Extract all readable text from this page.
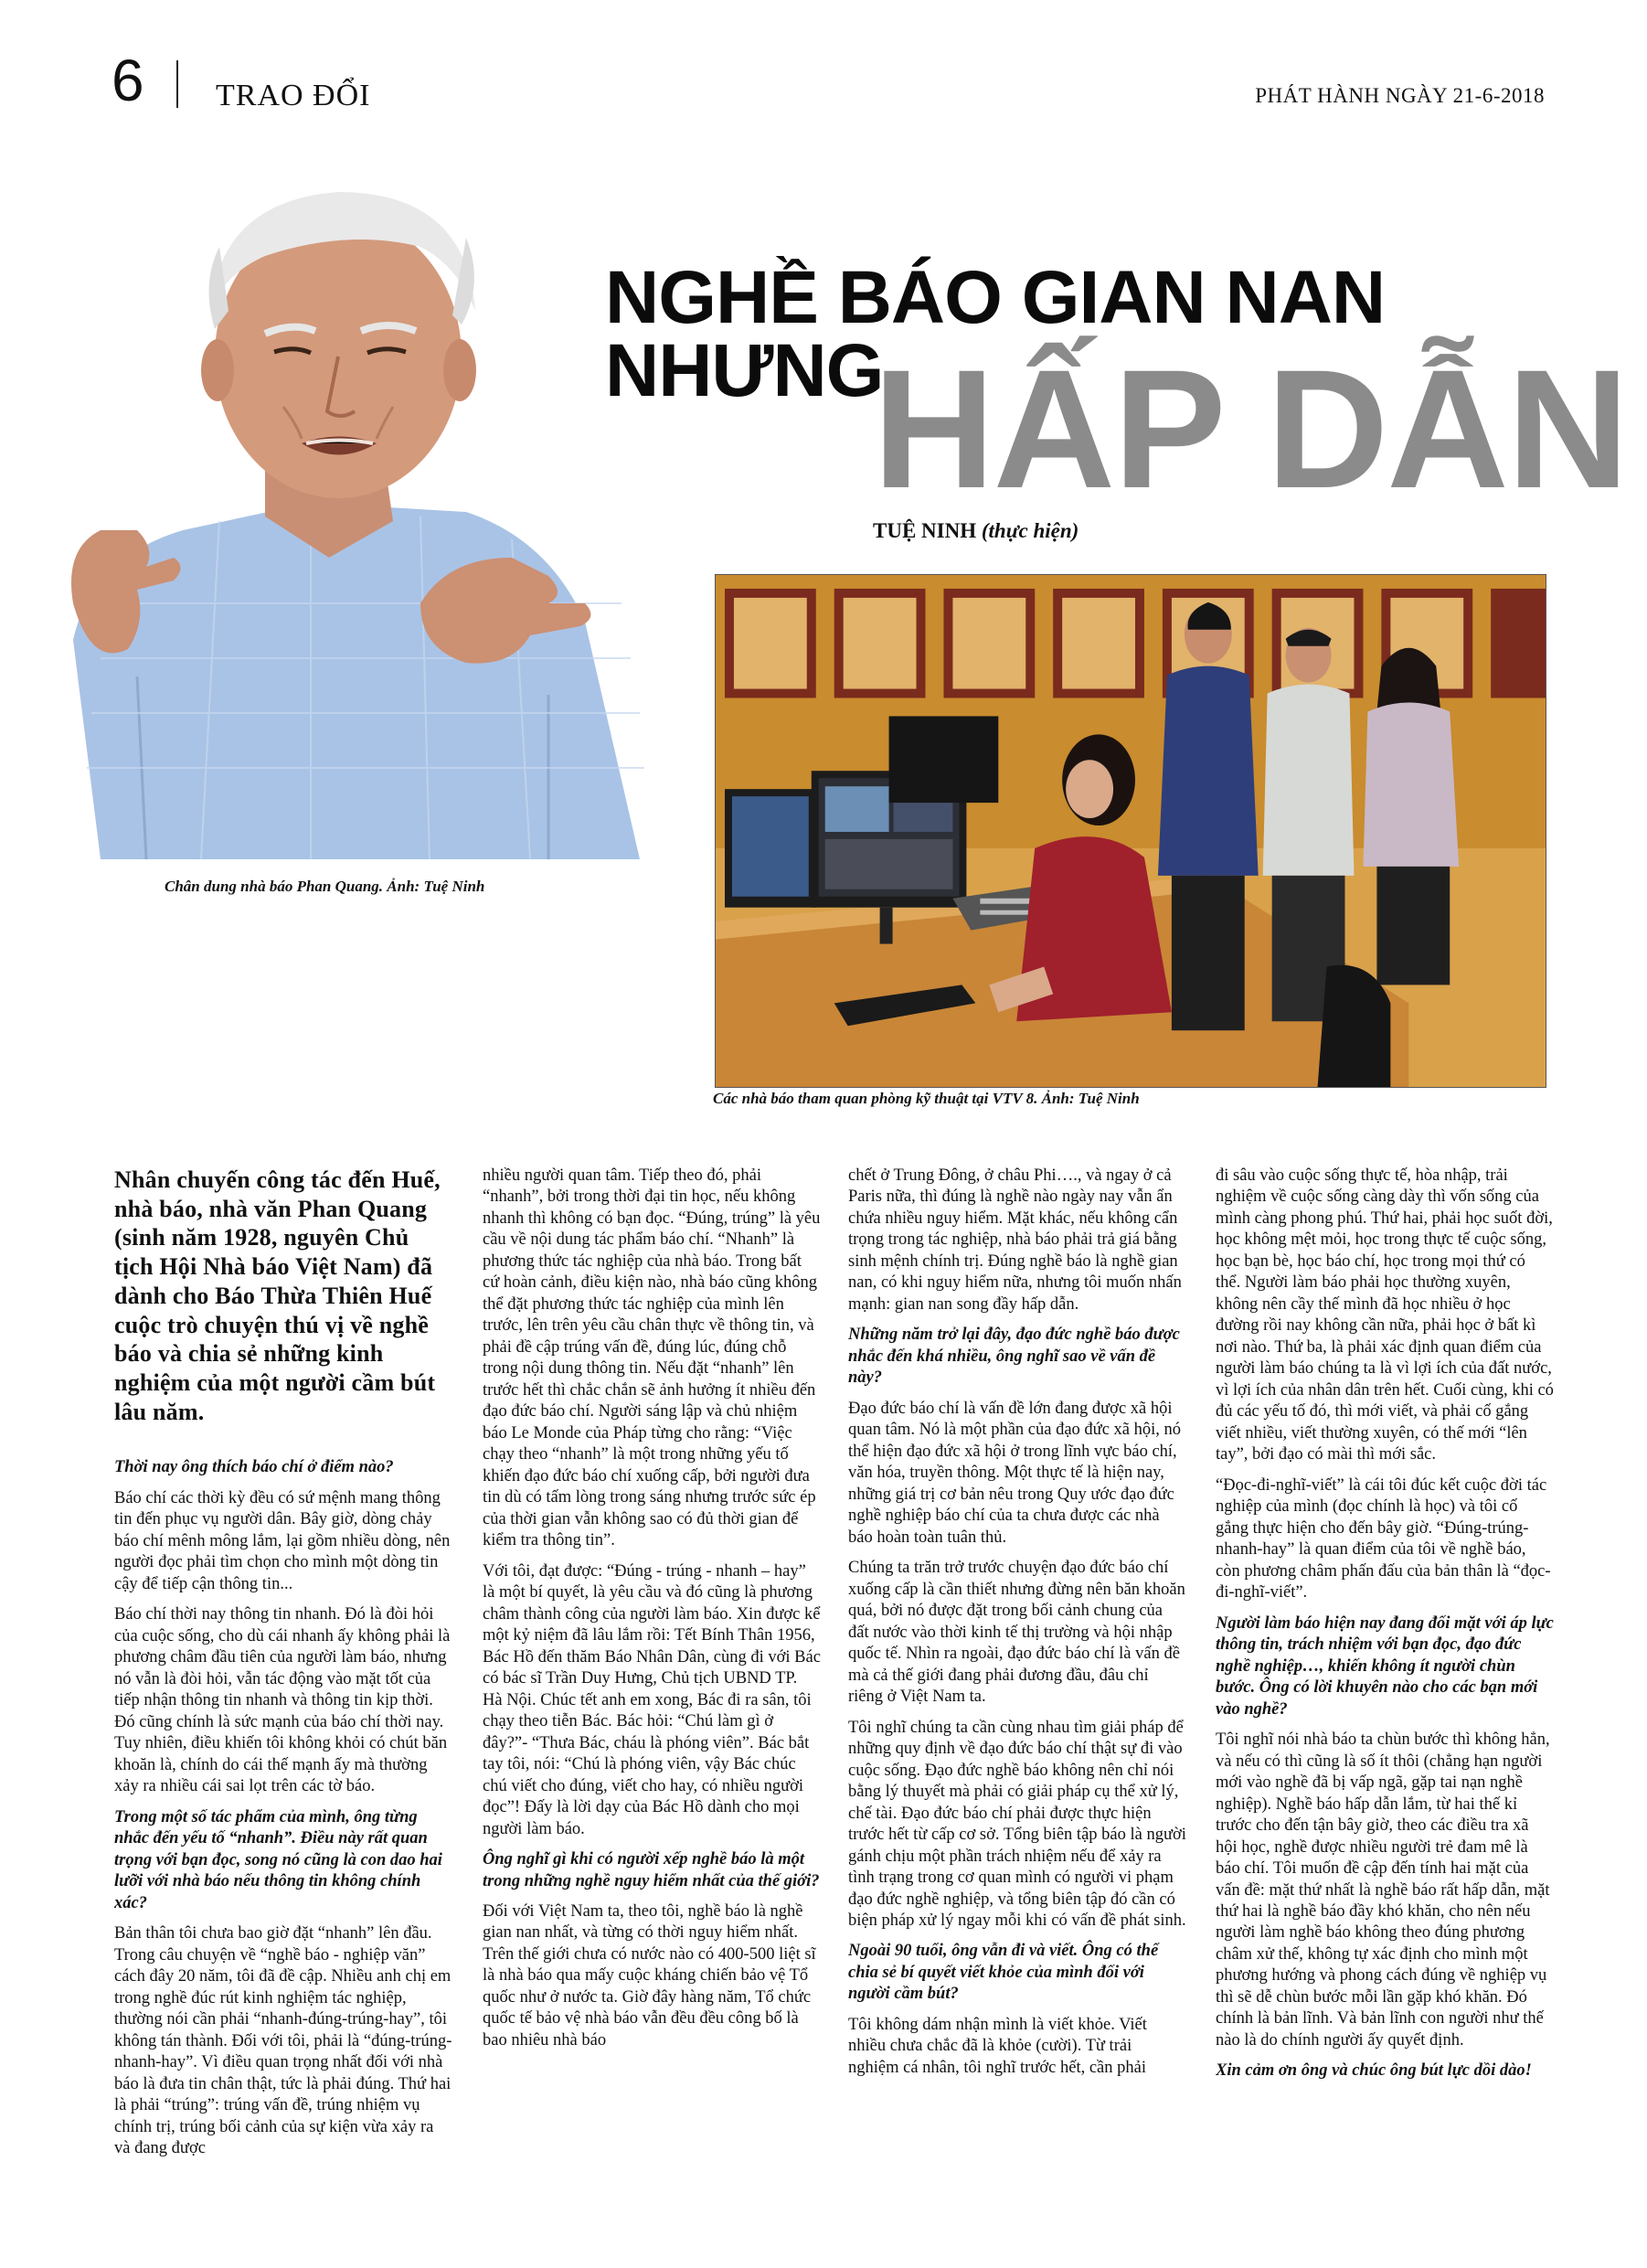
6 TRAO ĐỔI	PHÁT HÀNH NGÀY 21-6-2018
Chân dung nhà báo Phan Quang. Ảnh: Tuệ Ninh
NGHỀ BÁO GIAN NAN
NHƯNG
HẤP DẪN
TUỆ NINH (thực hiện)
Các nhà báo tham quan phòng kỹ thuật tại VTV 8. Ảnh: Tuệ Ninh

Nhân chuyến công tác đến Huế, nhà báo, nhà văn Phan Quang (sinh năm 1928, nguyên Chủ tịch Hội Nhà báo Việt Nam) đã dành cho Báo Thừa Thiên Huế cuộc trò chuyện thú vị về nghề báo và chia sẻ những kinh nghiệm của một người cầm bút lâu năm.

Thời nay ông thích báo chí ở điểm nào?

Báo chí các thời kỳ đều có sứ mệnh mang thông tin đến phục vụ người dân. Bây giờ, dòng chảy báo chí mênh mông lắm, lại gồm nhiều dòng, nên người đọc phải tìm chọn cho mình một dòng tin cậy để tiếp cận thông tin...

Báo chí thời nay thông tin nhanh. Đó là đòi hỏi của cuộc sống, cho dù cái nhanh ấy không phải là phương châm đầu tiên của người làm báo, nhưng nó vẫn là đòi hỏi, vẫn tác động vào mặt tốt của tiếp nhận thông tin nhanh và thông tin kịp thời. Đó cũng chính là sức mạnh của báo chí thời nay. Tuy nhiên, điều khiến tôi không khỏi có chút băn khoăn là, chính do cái thế mạnh ấy mà thường xảy ra nhiều cái sai lọt trên các tờ báo.

Trong một số tác phẩm của mình, ông từng nhắc đến yếu tố “nhanh”. Điều này rất quan trọng với bạn đọc, song nó cũng là con dao hai lưỡi với nhà báo nếu thông tin không chính xác?

Bản thân tôi chưa bao giờ đặt “nhanh” lên đầu. Trong câu chuyện về “nghề báo - nghiệp văn” cách đây 20 năm, tôi đã đề cập. Nhiều anh chị em trong nghề đúc rút kinh nghiệm tác nghiệp, thường nói cần phải “nhanh-đúng-trúng-hay”, tôi không tán thành. Đối với tôi, phải là “đúng-trúng-nhanh-hay”. Vì điều quan trọng nhất đối với nhà báo là đưa tin chân thật, tức là phải đúng. Thứ hai là phải “trúng”: trúng vấn đề, trúng nhiệm vụ chính trị, trúng bối cảnh của sự kiện vừa xảy ra và đang được

nhiều người quan tâm. Tiếp theo đó, phải “nhanh”, bởi trong thời đại tin học, nếu không nhanh thì không có bạn đọc. “Đúng, trúng” là yêu cầu về nội dung tác phẩm báo chí. “Nhanh” là phương thức tác nghiệp của nhà báo. Trong bất cứ hoàn cảnh, điều kiện nào, nhà báo cũng không thể đặt phương thức tác nghiệp của mình lên trước, lên trên yêu cầu chân thực về thông tin, và phải đề cập trúng vấn đề, đúng lúc, đúng chỗ trong nội dung thông tin. Nếu đặt “nhanh” lên trước hết thì chắc chắn sẽ ảnh hưởng ít nhiều đến đạo đức báo chí. Người sáng lập và chủ nhiệm báo Le Monde của Pháp từng cho rằng: “Việc chạy theo “nhanh” là một trong những yếu tố khiến đạo đức báo chí xuống cấp, bởi người đưa tin dù có tấm lòng trong sáng nhưng trước sức ép của thời gian vẫn không sao có đủ thời gian để kiểm tra thông tin”.

Với tôi, đạt được: “Đúng - trúng - nhanh – hay” là một bí quyết, là yêu cầu và đó cũng là phương châm thành công của người làm báo. Xin được kể một kỷ niệm đã lâu lắm rồi: Tết Bính Thân 1956, Bác Hồ đến thăm Báo Nhân Dân, cùng đi với Bác có bác sĩ Trần Duy Hưng, Chủ tịch UBND TP. Hà Nội. Chúc tết anh em xong, Bác đi ra sân, tôi chạy theo tiễn Bác. Bác hỏi: “Chú làm gì ở đây?”- “Thưa Bác, cháu là phóng viên”. Bác bắt tay tôi, nói: “Chú là phóng viên, vậy Bác chúc chú viết cho đúng, viết cho hay, có nhiều người đọc”! Đấy là lời dạy của Bác Hồ dành cho mọi người làm báo.

Ông nghĩ gì khi có người xếp nghề báo là một trong những nghề nguy hiểm nhất của thế giới?

Đối với Việt Nam ta, theo tôi, nghề báo là nghề gian nan nhất, và từng có thời nguy hiểm nhất. Trên thế giới chưa có nước nào có 400-500 liệt sĩ là nhà báo qua mấy cuộc kháng chiến bảo vệ Tổ quốc như ở nước ta. Giờ đây hàng năm, Tổ chức quốc tế bảo vệ nhà báo vẫn đều đều công bố là bao nhiêu nhà báo

chết ở Trung Đông, ở châu Phi…., và ngay ở cả Paris nữa, thì đúng là nghề nào ngày nay vẫn ẩn chứa nhiều nguy hiểm. Mặt khác, nếu không cẩn trọng trong tác nghiệp, nhà báo phải trả giá bằng sinh mệnh chính trị. Đúng nghề báo là nghề gian nan, có khi nguy hiểm nữa, nhưng tôi muốn nhấn mạnh: gian nan song đầy hấp dẫn.

Những năm trở lại đây, đạo đức nghề báo được nhắc đến khá nhiều, ông nghĩ sao về vấn đề này?

Đạo đức báo chí là vấn đề lớn đang được xã hội quan tâm. Nó là một phần của đạo đức xã hội, nó thể hiện đạo đức xã hội ở trong lĩnh vực báo chí, văn hóa, truyền thông. Một thực tế là hiện nay, những giá trị cơ bản nêu trong Quy ước đạo đức nghề nghiệp báo chí của ta chưa được các nhà báo hoàn toàn tuân thủ.

Chúng ta trăn trở trước chuyện đạo đức báo chí xuống cấp là cần thiết nhưng đừng nên băn khoăn quá, bởi nó được đặt trong bối cảnh chung của đất nước vào thời kinh tế thị trường và hội nhập quốc tế. Nhìn ra ngoài, đạo đức báo chí là vấn đề mà cả thế giới đang phải đương đầu, đâu chỉ riêng ở Việt Nam ta.

Tôi nghĩ chúng ta cần cùng nhau tìm giải pháp để những quy định về đạo đức báo chí thật sự đi vào cuộc sống. Đạo đức nghề báo không nên chỉ nói bằng lý thuyết mà phải có giải pháp cụ thể xử lý, chế tài. Đạo đức báo chí phải được thực hiện trước hết từ cấp cơ sở. Tổng biên tập báo là người gánh chịu một phần trách nhiệm nếu để xảy ra tình trạng trong cơ quan mình có người vi phạm đạo đức nghề nghiệp, và tổng biên tập đó cần có biện pháp xử lý ngay mỗi khi có vấn đề phát sinh.

Ngoài 90 tuổi, ông vẫn đi và viết. Ông có thể chia sẻ bí quyết viết khỏe của mình đối với người cầm bút?

Tôi không dám nhận mình là viết khỏe. Viết nhiều chưa chắc đã là khỏe (cười). Từ trải nghiệm cá nhân, tôi nghĩ trước hết, cần phải

đi sâu vào cuộc sống thực tế, hòa nhập, trải nghiệm về cuộc sống càng dày thì vốn sống của mình càng phong phú. Thứ hai, phải học suốt đời, học không mệt mỏi, học trong thực tế cuộc sống, học bạn bè, học báo chí, học trong mọi thứ có thể. Người làm báo phải học thường xuyên, không nên cầy thế mình đã học nhiều ở học đường rồi nay không cần nữa, phải học ở bất kì nơi nào. Thứ ba, là phải xác định quan điểm của người làm báo chúng ta là vì lợi ích của đất nước, vì lợi ích của nhân dân trên hết. Cuối cùng, khi có đủ các yếu tố đó, thì mới viết, và phải cố gắng viết nhiều, viết thường xuyên, có thế mới “lên tay”, bởi đạo có mài thì mới sắc.

“Đọc-đi-nghĩ-viết” là cái tôi đúc kết cuộc đời tác nghiệp của mình (đọc chính là học) và tôi cố gắng thực hiện cho đến bây giờ. “Đúng-trúng-nhanh-hay” là quan điểm của tôi về nghề báo, còn phương châm phấn đấu của bản thân là “đọc-đi-nghĩ-viết”.

Người làm báo hiện nay đang đối mặt với áp lực thông tin, trách nhiệm với bạn đọc, đạo đức nghề nghiệp…, khiến không ít người chùn bước. Ông có lời khuyên nào cho các bạn mới vào nghề?

Tôi nghĩ nói nhà báo ta chùn bước thì không hẳn, và nếu có thì cũng là số ít thôi (chẳng hạn người mới vào nghề đã bị vấp ngã, gặp tai nạn nghề nghiệp). Nghề báo hấp dẫn lắm, từ hai thế kỉ trước cho đến tận bây giờ, theo các điều tra xã hội học, nghề được nhiều người trẻ đam mê là báo chí. Tôi muốn đề cập đến tính hai mặt của vấn đề: mặt thứ nhất là nghề báo rất hấp dẫn, mặt thứ hai là nghề báo đầy khó khăn, cho nên nếu người làm nghề báo không theo đúng phương châm xử thế, không tự xác định cho mình một phương hướng và phong cách đúng về nghiệp vụ thì sẽ dễ chùn bước mỗi lần gặp khó khăn. Đó chính là bản lĩnh. Và bản lĩnh con người như thế nào là do chính người ấy quyết định.

Xin cảm ơn ông và chúc ông bút lực dồi dào!
